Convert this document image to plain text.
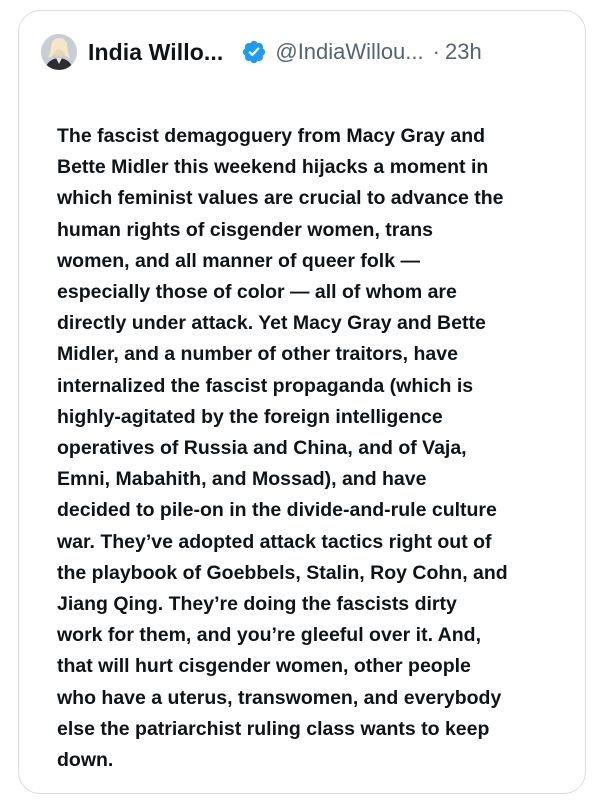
India Willo... @IndiaWillou... · 23h

The fascist demagoguery from Macy Gray and
Bette Midler this weekend hijacks a moment in
which feminist values are crucial to advance the
human rights of cisgender women, trans
women, and all manner of queer folk —
especially those of color — all of whom are
directly under attack. Yet Macy Gray and Bette
Midler, and a number of other traitors, have
internalized the fascist propaganda (which is
highly-agitated by the foreign intelligence
operatives of Russia and China, and of Vaja,
Emni, Mabahith, and Mossad), and have
decided to pile-on in the divide-and-rule culture
war. They’ve adopted attack tactics right out of
the playbook of Goebbels, Stalin, Roy Cohn, and
Jiang Qing. They’re doing the fascists dirty
work for them, and you’re gleeful over it. And,
that will hurt cisgender women, other people
who have a uterus, transwomen, and everybody
else the patriarchist ruling class wants to keep
down.
